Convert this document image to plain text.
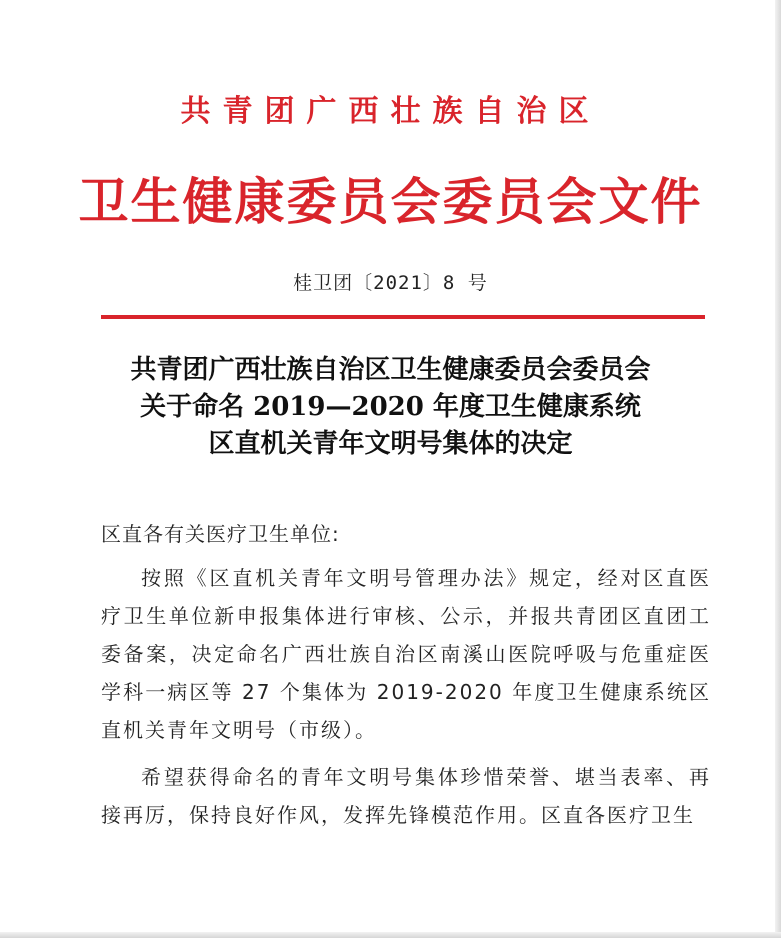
共青团广西壮族自治区
卫生健康委员会委员会文件
桂卫团〔2021〕8 号
共青团广西壮族自治区卫生健康委员会委员会
关于命名 2019—2020 年度卫生健康系统
区直机关青年文明号集体的决定

区直各有关医疗卫生单位:

按照《区直机关青年文明号管理办法》规定，经对区直医疗卫生单位新申报集体进行审核、公示，并报共青团区直团工委备案，决定命名广西壮族自治区南溪山医院呼吸与危重症医学科一病区等 27 个集体为 2019-2020 年度卫生健康系统区直机关青年文明号（市级）。

希望获得命名的青年文明号集体珍惜荣誉、堪当表率、再接再厉，保持良好作风，发挥先锋模范作用。区直各医疗卫生
